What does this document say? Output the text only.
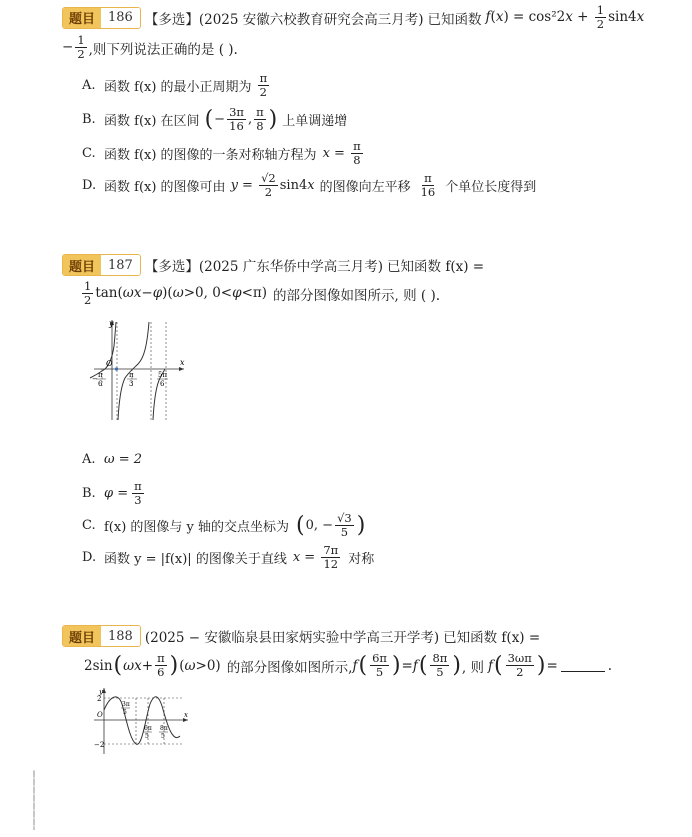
题目	186 【多选】 (2025 安徽六校教育研究会高三月考) 已知函数 $f(x) = \cos^22x + \frac{1}{2} \sin 4x$
− $\frac{1}{2}$ ,则下列说法正确的是 ( ).
A. 函数 f(x) 的最小正周期为 $\frac{\pi}{2}$
B. 函数 f(x) 在区间 ( − $\frac{3\pi}{16}$ , $\frac{\pi}{8}$ ) 上单调递增
C. 函数 f(x) 的图像的一条对称轴方程为 $x = \frac{\pi}{8}$
D. 函数 f(x) 的图像可由 $y = \frac{√2}{2} \sin 4x$ 的图像向左平移 $\frac{\pi}{16}$ 个单位长度得到
题目	187 【多选】 (2025 广东华侨中学高三月考) 已知函数 f(x) =
$\frac{1}{2} \tan(\omega x-\varphi)(\omega>0$, 0<φ<π) 的部分图像如图所示, 则 ( ).
y
x
O
π
6
−	π
3
5π
6
A. ω = 2
B. $\varphi = \frac{\pi}{3}$
C. f(x) 的图像与 y 轴的交点坐标为 ( 0, − $\frac{√3}{5}$ )
D. 函数 y = |f(x)| 的图像关于直线 $x = \frac{7\pi}{12}$ 对称
题目	188 (2025 − 安徽临泉县田家炳实验中学高三开学考) 已知函数 f(x) =
2sin ( $\omega x + \frac{\pi}{6}$ ) ( ω >0) 的部分图像如图所示, f ( $\frac{6\pi}{5}$ ) = f ( $\frac{8\pi}{5}$ ) , 则 f ( $\frac{3\omega\pi}{2}$ ) =	.
y
x
O
2
−2
3π
5
6π
5
8π
5
